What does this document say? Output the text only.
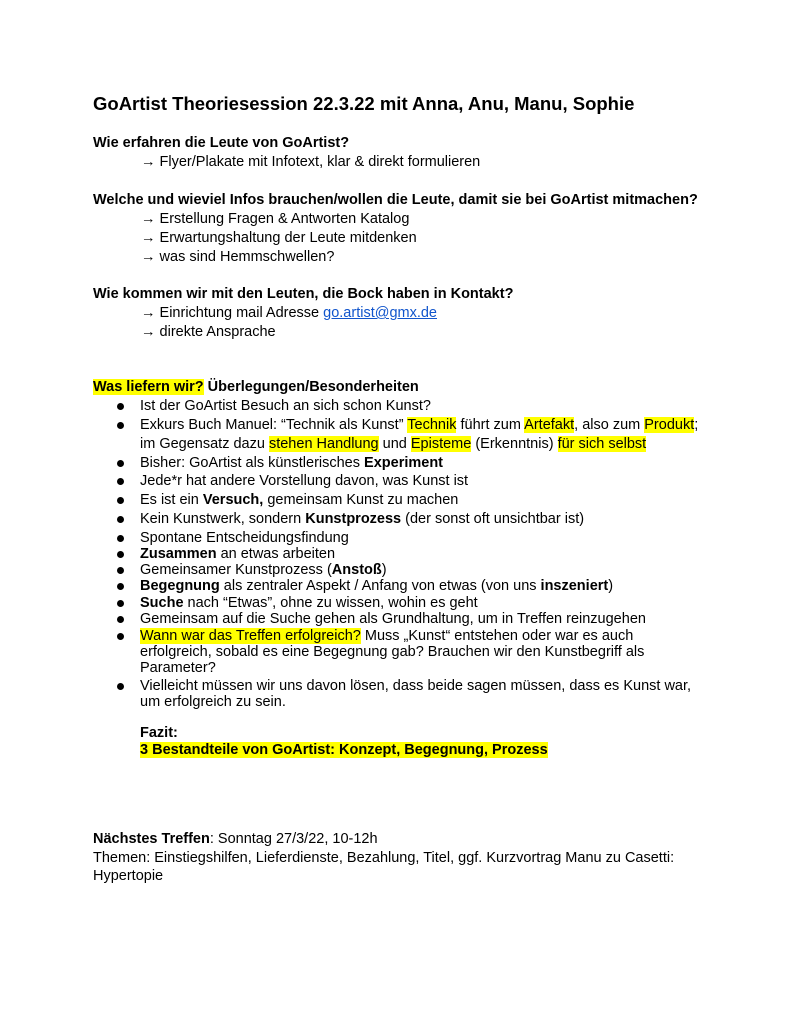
GoArtist Theoriesession 22.3.22 mit Anna, Anu, Manu, Sophie
Wie erfahren die Leute von GoArtist?
→ Flyer/Plakate mit Infotext, klar & direkt formulieren
Welche und wieviel Infos brauchen/wollen die Leute, damit sie bei GoArtist mitmachen?
→ Erstellung Fragen & Antworten Katalog
→ Erwartungshaltung der Leute mitdenken
→ was sind Hemmschwellen?
Wie kommen wir mit den Leuten, die Bock haben in Kontakt?
→ Einrichtung mail Adresse go.artist@gmx.de
→ direkte Ansprache
Was liefern wir? Überlegungen/Besonderheiten
Ist der GoArtist Besuch an sich schon Kunst?
Exkurs Buch Manuel: “Technik als Kunst” Technik führt zum Artefakt, also zum Produkt;
im Gegensatz dazu stehen Handlung und Episteme (Erkenntnis) für sich selbst
Bisher: GoArtist als künstlerisches Experiment
Jede*r hat andere Vorstellung davon, was Kunst ist
Es ist ein Versuch, gemeinsam Kunst zu machen
Kein Kunstwerk, sondern Kunstprozess (der sonst oft unsichtbar ist)
Spontane Entscheidungsfindung
Zusammen an etwas arbeiten
Gemeinsamer Kunstprozess (Anstoß)
Begegnung als zentraler Aspekt / Anfang von etwas (von uns inszeniert)
Suche nach “Etwas”, ohne zu wissen, wohin es geht
Gemeinsam auf die Suche gehen als Grundhaltung, um in Treffen reinzugehen
Wann war das Treffen erfolgreich? Muss „Kunst“ entstehen oder war es auch
erfolgreich, sobald es eine Begegnung gab? Brauchen wir den Kunstbegriff als
Parameter?
Vielleicht müssen wir uns davon lösen, dass beide sagen müssen, dass es Kunst war,
um erfolgreich zu sein.
Fazit:
3 Bestandteile von GoArtist: Konzept, Begegnung, Prozess
Nächstes Treffen: Sonntag 27/3/22, 10-12h
Themen: Einstiegshilfen, Lieferdienste, Bezahlung, Titel, ggf. Kurzvortrag Manu zu Casetti:
Hypertopie
